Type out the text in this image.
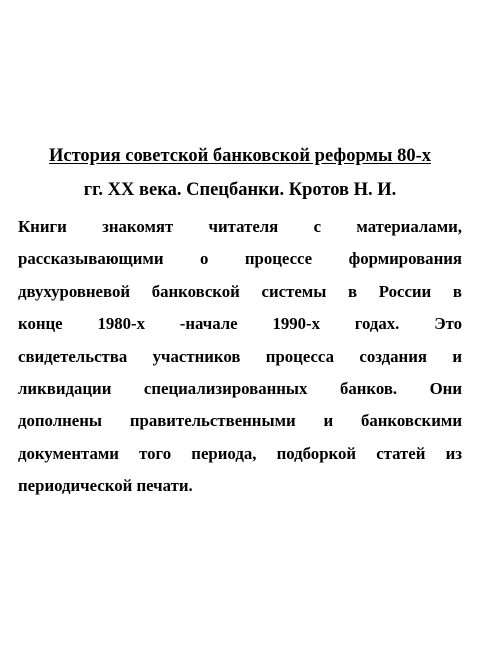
История советской банковской реформы 80-х
гг. XX века. Спецбанки. Кротов Н. И.
Книги знакомят читателя с материалами,
рассказывающими о процессе формирования
двухуровневой банковской системы в России в
конце 1980-х -начале 1990-х годах. Это
свидетельства участников процесса создания и
ликвидации специализированных банков. Они
дополнены правительственными и банковскими
документами того периода, подборкой статей из
периодической печати.
